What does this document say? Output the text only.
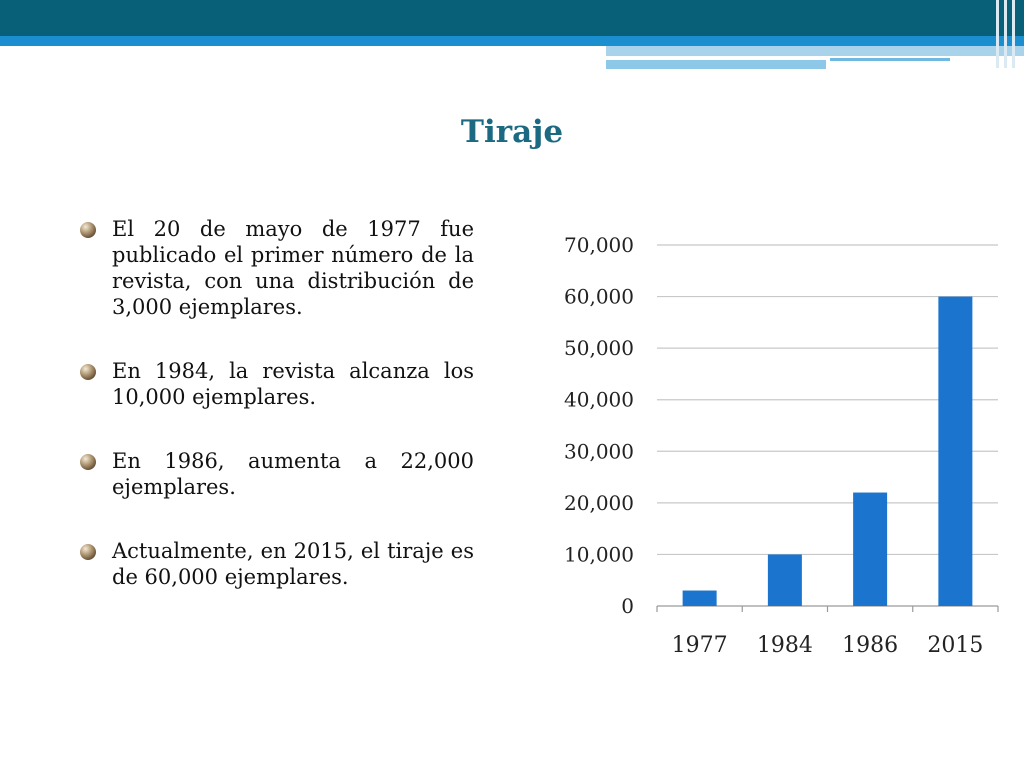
Tiraje
El 20 de mayo de 1977 fue publicado el primer número de la revista, con una distribución de 3,000 ejemplares.
En 1984, la revista alcanza los 10,000 ejemplares.
En 1986, aumenta a 22,000 ejemplares.
Actualmente, en 2015, el tiraje es de 60,000 ejemplares.
0
10,000
20,000
30,000
40,000
50,000
60,000
70,000
1977 1984 1986 2015
